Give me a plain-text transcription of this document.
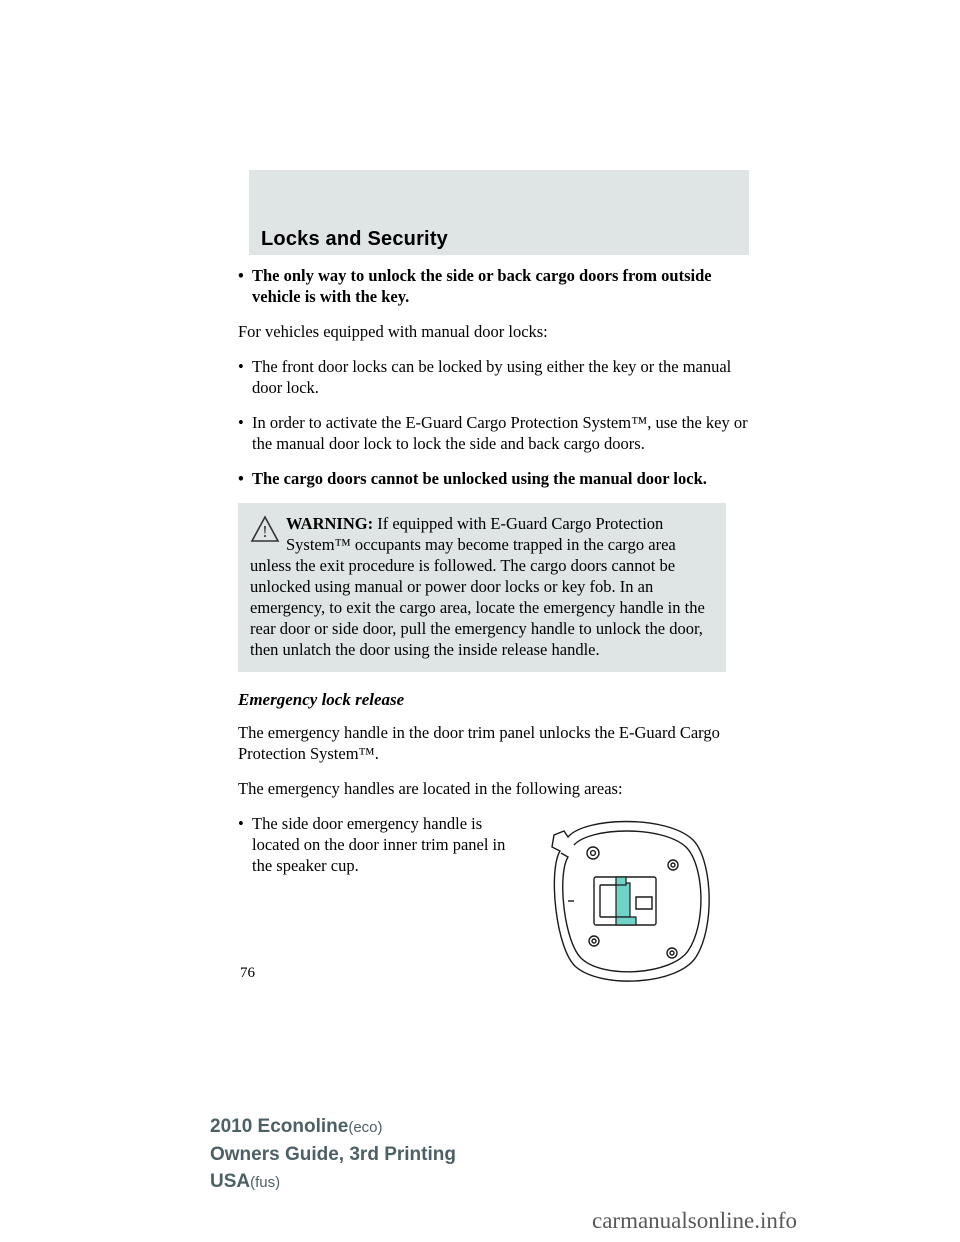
Locks and Security
• The only way to unlock the side or back cargo doors from outside vehicle is with the key.

For vehicles equipped with manual door locks:

• The front door locks can be locked by using either the key or the manual door lock.
• In order to activate the E-Guard Cargo Protection System™, use the key or the manual door lock to lock the side and back cargo doors.
• The cargo doors cannot be unlocked using the manual door lock.
! WARNING: If equipped with E-Guard Cargo Protection System™ occupants may become trapped in the cargo area unless the exit procedure is followed. The cargo doors cannot be unlocked using manual or power door locks or key fob. In an emergency, to exit the cargo area, locate the emergency handle in the rear door or side door, pull the emergency handle to unlock the door, then unlatch the door using the inside release handle.
Emergency lock release

The emergency handle in the door trim panel unlocks the E-Guard Cargo Protection System™.

The emergency handles are located in the following areas:

• The side door emergency handle is located on the door inner trim panel in the speaker cup.
76
2010 Econoline(eco)
Owners Guide, 3rd Printing
USA(fus)
carmanualsonline.info
